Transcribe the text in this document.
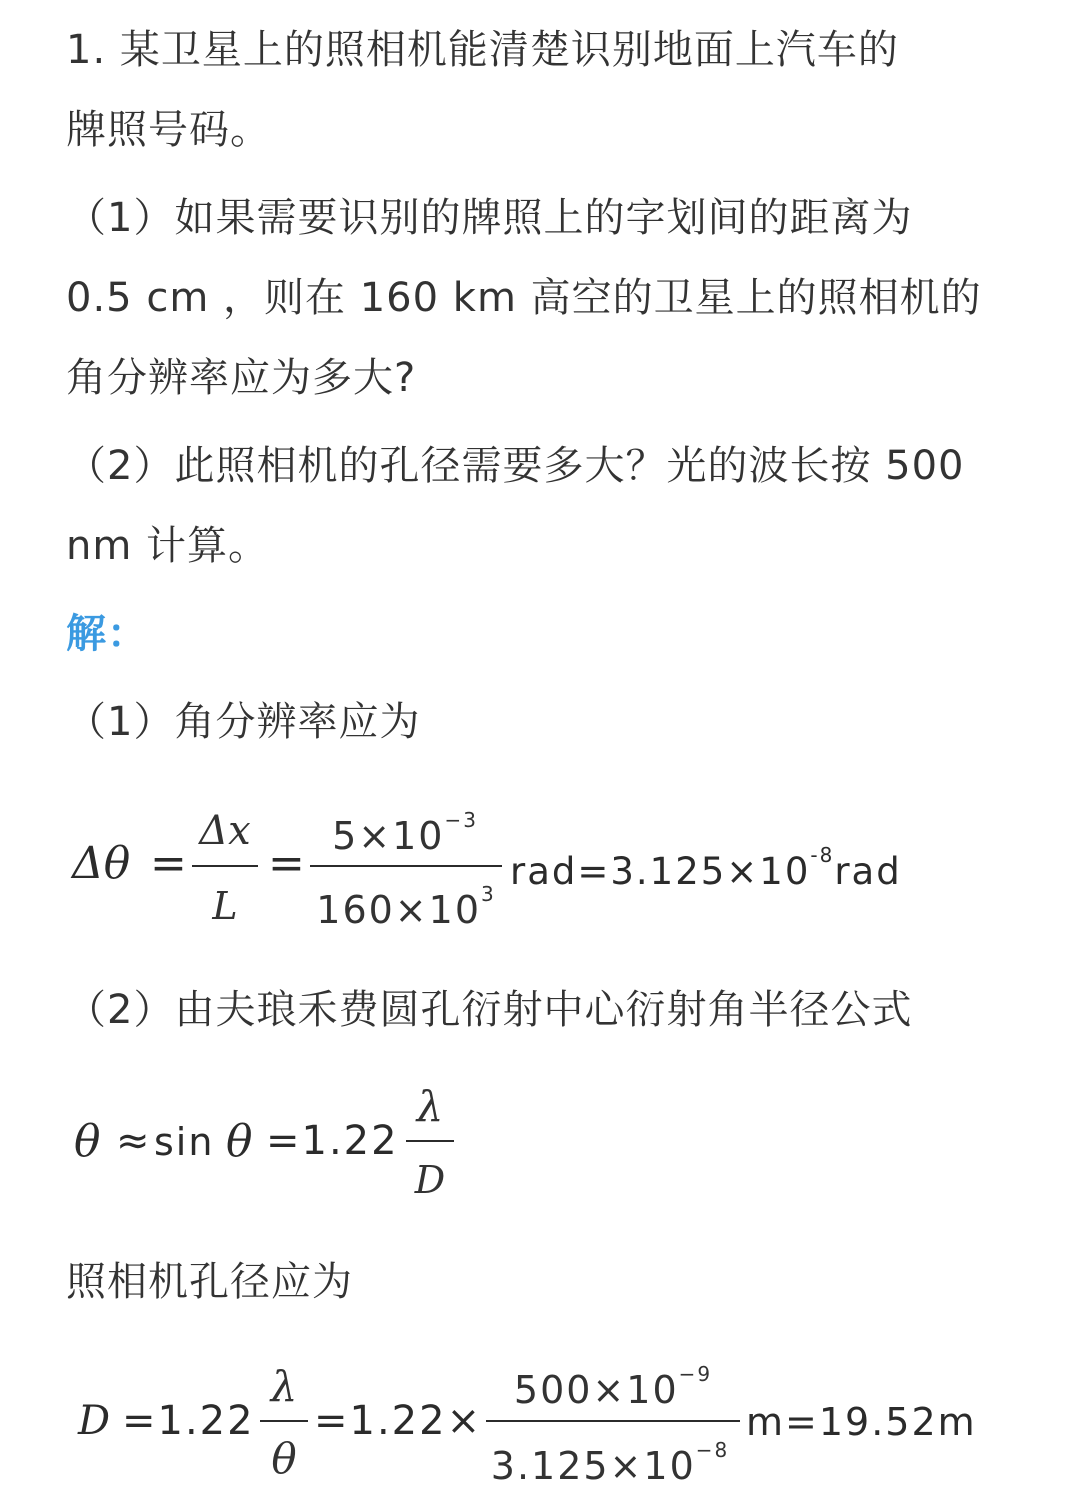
1. 某卫星上的照相机能清楚识别地面上汽车的
牌照号码。
（1）如果需要识别的牌照上的字划间的距离为
0.5 cm ，则在 160 km 高空的卫星上的照相机的
角分辨率应为多大?
（2）此照相机的孔径需要多大？光的波长按 500
nm 计算。
解：
（1）角分辨率应为
Δθ =
Δx
L
=
$5\times 10^{-3}$
$160\times 10^3$
$rad=3.125\times 10^{-8}rad$
（2）由夫琅禾费圆孔衍射中心衍射角半径公式
θ ≈ sin θ =1.22
λ
D
照相机孔径应为
D =1.22
λ
θ
=1.22×
$500\times 10^{-9}$
$3.125\times 10^{-8}$
m=19.52m
